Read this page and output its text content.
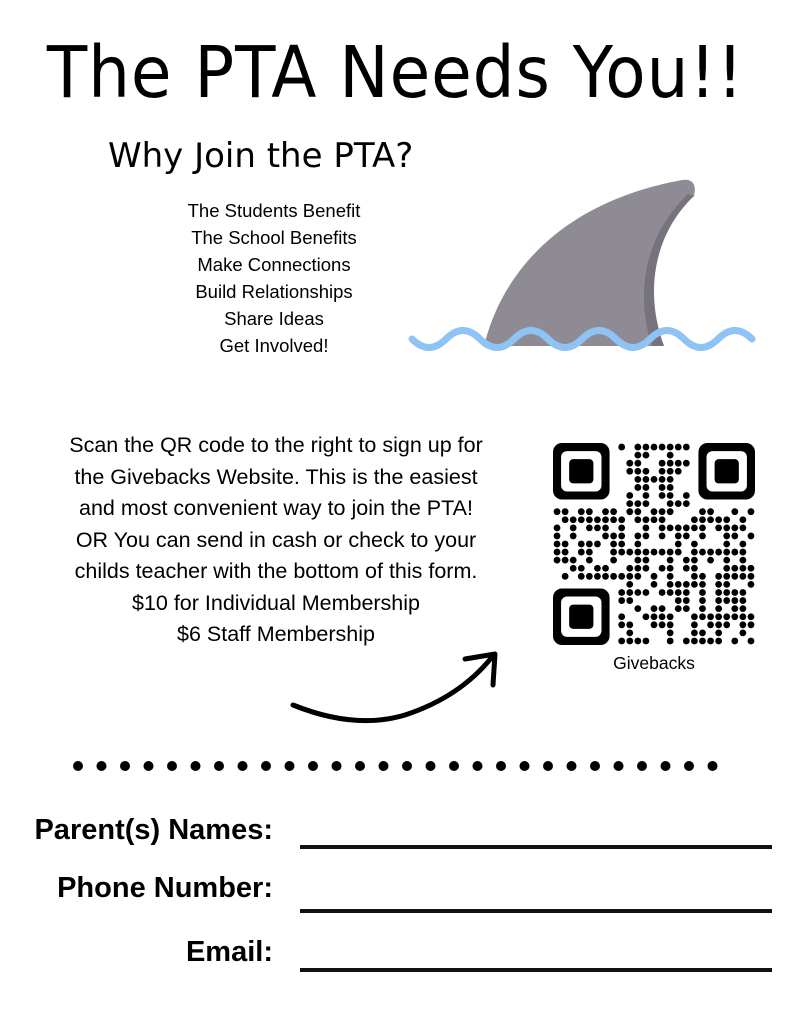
The PTA Needs You!!
Why Join the PTA?
The Students Benefit
The School Benefits
Make Connections
Build Relationships
Share Ideas
Get Involved!
Scan the QR code to the right to sign up for
the Givebacks Website. This is the easiest
and most convenient way to join the PTA!
OR You can send in cash or check to your
childs teacher with the bottom of this form.
$10 for Individual Membership
$6 Staff Membership
Givebacks
Parent(s) Names:
Phone Number:
Email:
